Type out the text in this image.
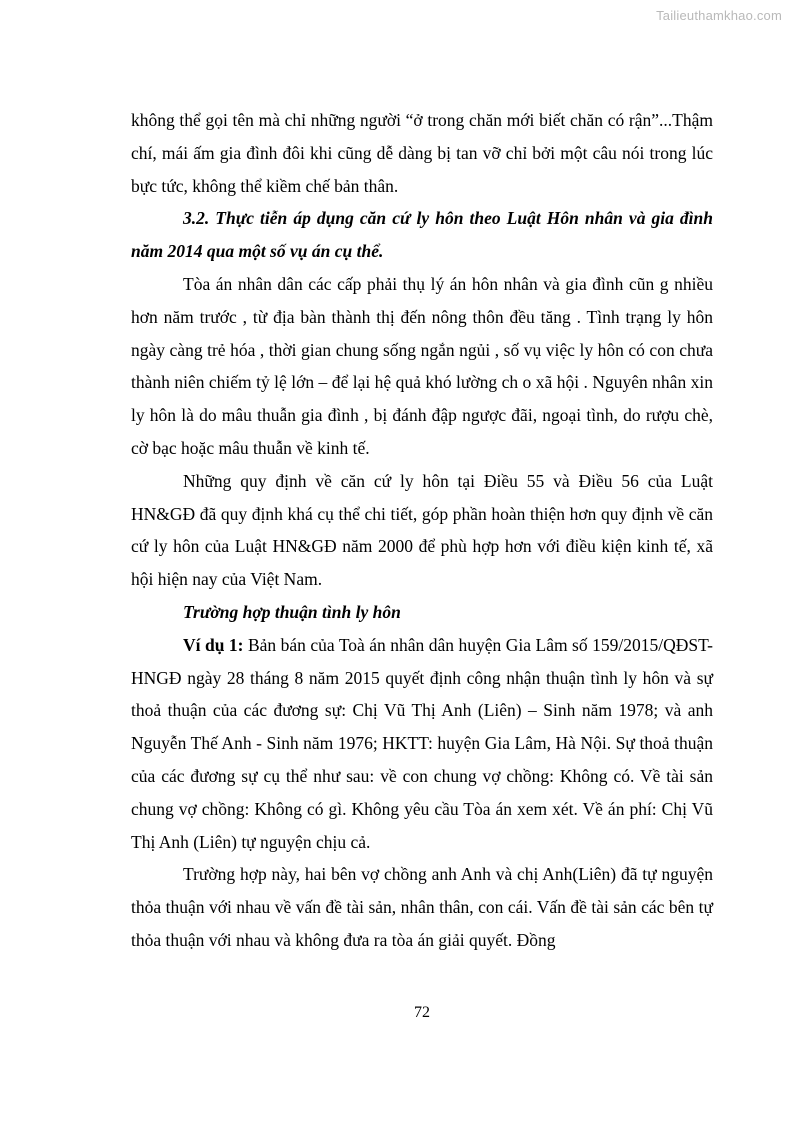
Tailieuthamkhao.com

không thể gọi tên mà chỉ những người “ở trong chăn mới biết chăn có rận”...Thậm chí, mái ấm gia đình đôi khi cũng dễ dàng bị tan vỡ chỉ bởi một câu nói trong lúc bực tức, không thể kiềm chế bản thân.

3.2. Thực tiễn áp dụng căn cứ ly hôn theo Luật Hôn nhân và gia đình năm 2014 qua một số vụ án cụ thể.

Tòa án nhân dân các cấp phải thụ lý án hôn nhân và gia đình cũn g nhiều hơn năm trước , từ địa bàn thành thị đến nông thôn đều tăng . Tình trạng ly hôn ngày càng trẻ hóa , thời gian chung sống ngắn ngủi , số vụ việc ly hôn có con chưa thành niên chiếm tỷ lệ lớn – để lại hệ quả khó lường ch o xã hội . Nguyên nhân xin ly hôn là do mâu thuẫn gia đình , bị đánh đập ngược đãi, ngoại tình, do rượu chè, cờ bạc hoặc mâu thuẫn về kinh tế.

Những quy định về căn cứ ly hôn tại Điều 55 và Điều 56 của Luật HN&GĐ đã quy định khá cụ thể chi tiết, góp phần hoàn thiện hơn quy định về căn cứ ly hôn của Luật HN&GĐ năm 2000 để phù hợp hơn với điều kiện kinh tế, xã hội hiện nay của Việt Nam.

Trường hợp thuận tình ly hôn

Ví dụ 1: Bản bán của Toà án nhân dân huyện Gia Lâm số 159/2015/QĐST-HNGĐ ngày 28 tháng 8 năm 2015 quyết định công nhận thuận tình ly hôn và sự thoả thuận của các đương sự: Chị Vũ Thị Anh (Liên) – Sinh năm 1978; và anh Nguyễn Thế Anh - Sinh năm 1976; HKTT: huyện Gia Lâm, Hà Nội. Sự thoả thuận của các đương sự cụ thể như sau: về con chung vợ chồng: Không có. Về tài sản chung vợ chồng: Không có gì. Không yêu cầu Tòa án xem xét. Về án phí: Chị Vũ Thị Anh (Liên) tự nguyện chịu cả.

Trường hợp này, hai bên vợ chồng anh Anh và chị Anh(Liên) đã tự nguyện thỏa thuận với nhau về vấn đề tài sản, nhân thân, con cái. Vấn đề tài sản các bên tự thỏa thuận với nhau và không đưa ra tòa án giải quyết. Đồng

72
